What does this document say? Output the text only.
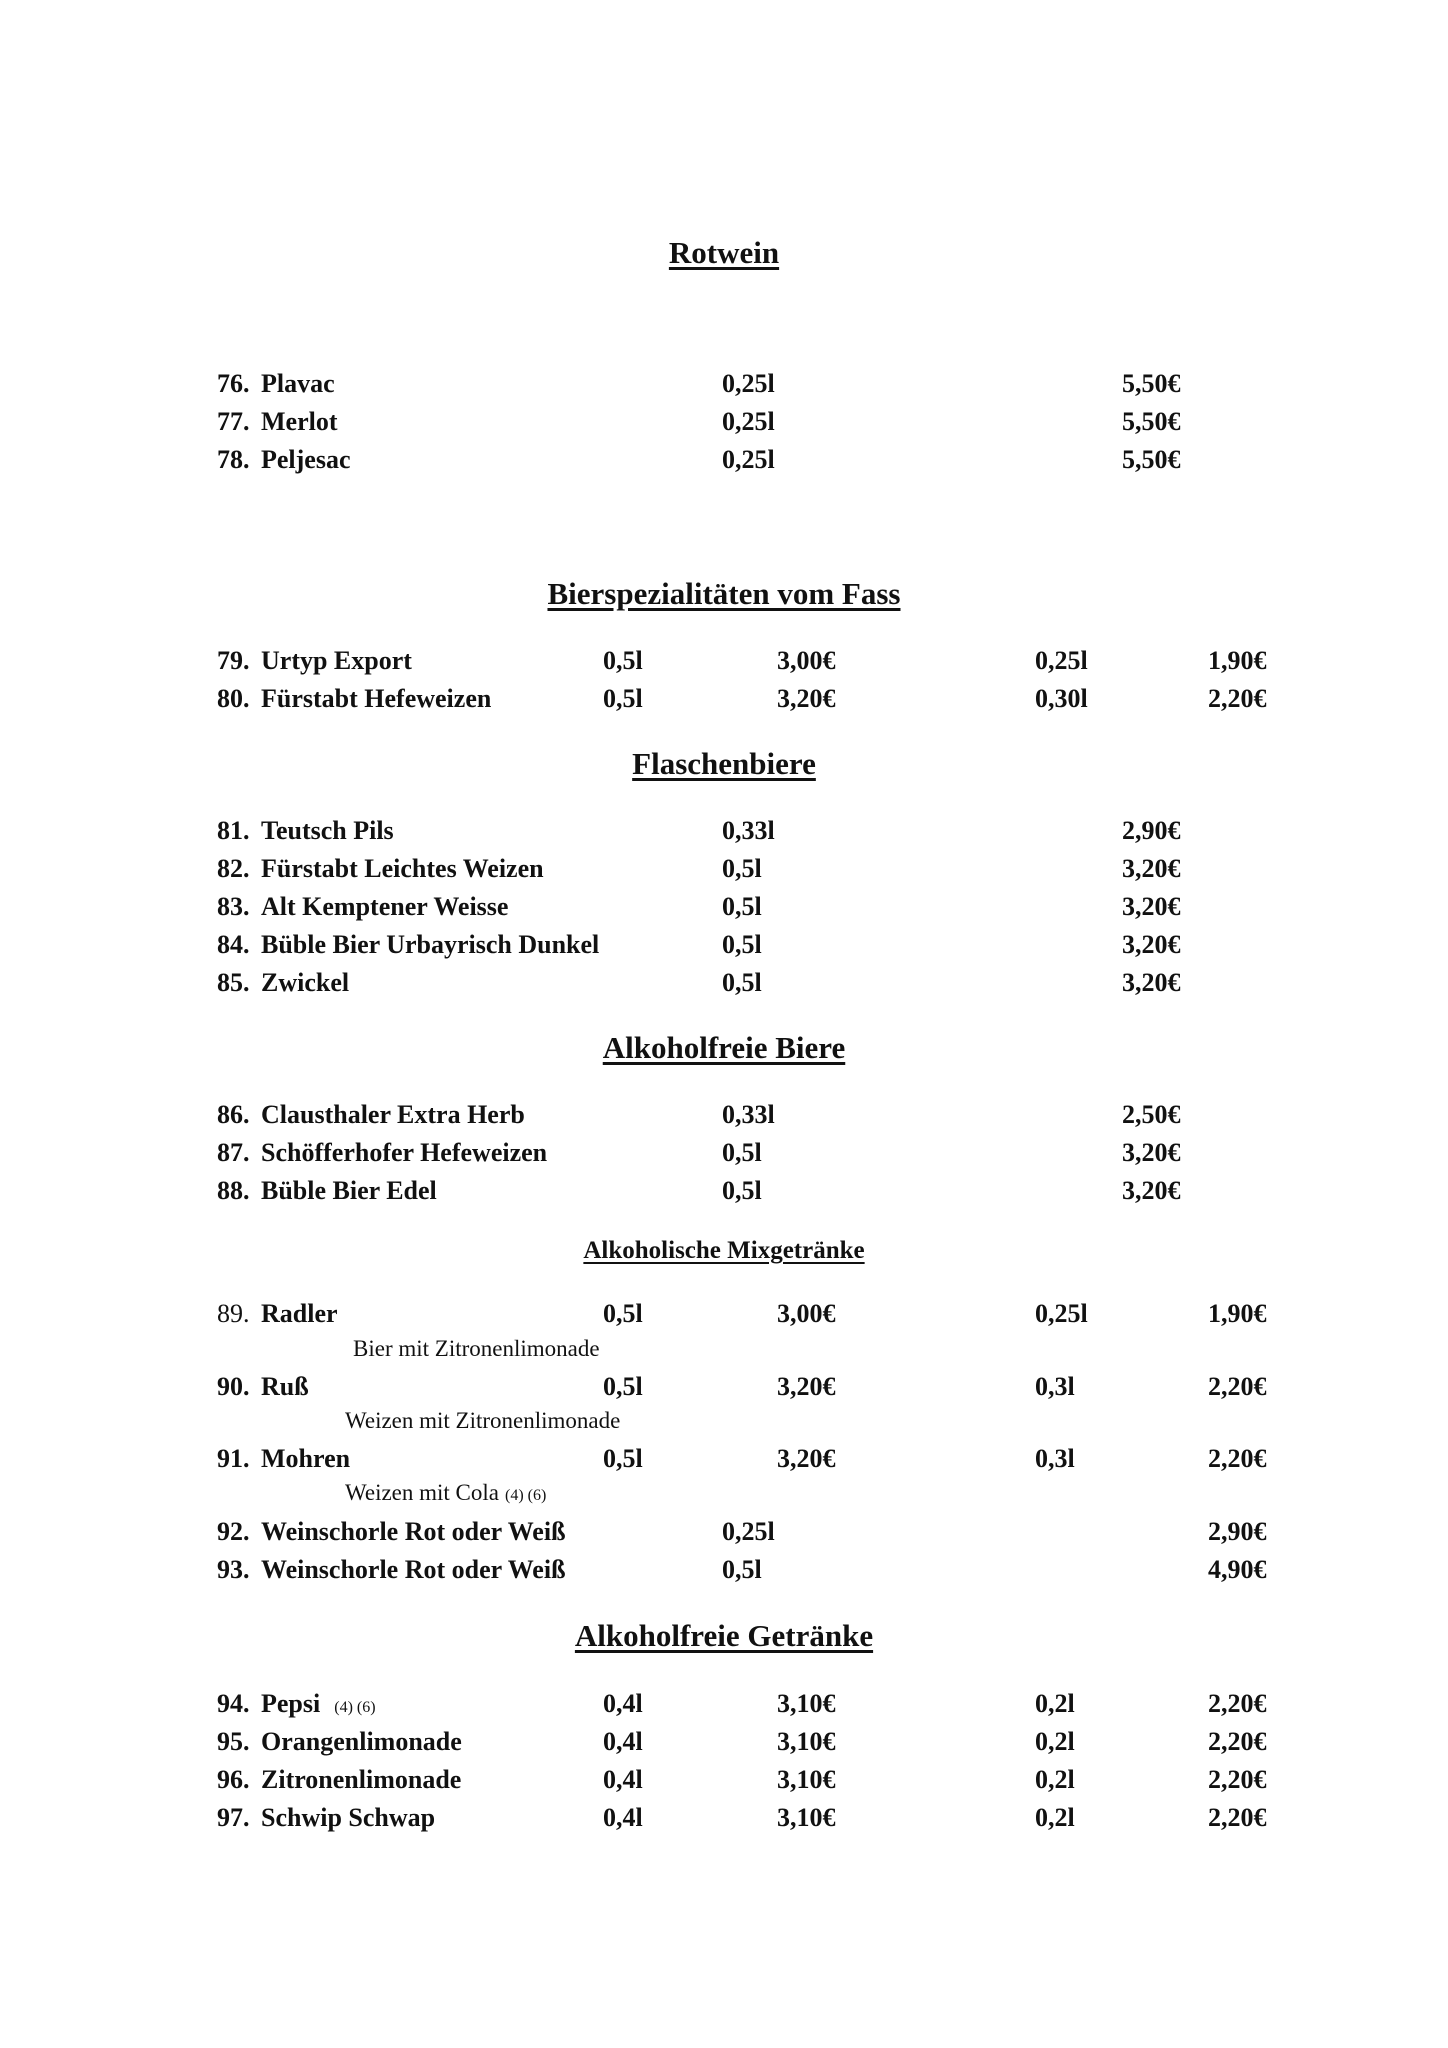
Rotwein
76. Plavac	0,25l	5,50€
77. Merlot	0,25l	5,50€
78. Peljesac	0,25l	5,50€
Bierspezialitäten vom Fass
79. Urtyp Export	0,5l	3,00€	0,25l	1,90€
80. Fürstabt Hefeweizen	0,5l	3,20€	0,30l	2,20€
Flaschenbiere
81. Teutsch Pils	0,33l	2,90€
82. Fürstabt Leichtes Weizen	0,5l	3,20€
83. Alt Kemptener Weisse	0,5l	3,20€
84. Büble Bier Urbayrisch Dunkel	0,5l	3,20€
85. Zwickel	0,5l	3,20€
Alkoholfreie Biere
86. Clausthaler Extra Herb	0,33l	2,50€
87. Schöfferhofer Hefeweizen	0,5l	3,20€
88. Büble Bier Edel	0,5l	3,20€
Alkoholische Mixgetränke
89. Radler	0,5l	3,00€	0,25l	1,90€
Bier mit Zitronenlimonade
90. Ruß	0,5l	3,20€	0,3l	2,20€
Weizen mit Zitronenlimonade
91. Mohren	0,5l	3,20€	0,3l	2,20€
Weizen mit Cola (4) (6)
92. Weinschorle Rot oder Weiß	0,25l	2,90€
93. Weinschorle Rot oder Weiß	0,5l	4,90€
Alkoholfreie Getränke
94. Pepsi (4) (6)	0,4l	3,10€	0,2l	2,20€
95. Orangenlimonade	0,4l	3,10€	0,2l	2,20€
96. Zitronenlimonade	0,4l	3,10€	0,2l	2,20€
97. Schwip Schwap	0,4l	3,10€	0,2l	2,20€
